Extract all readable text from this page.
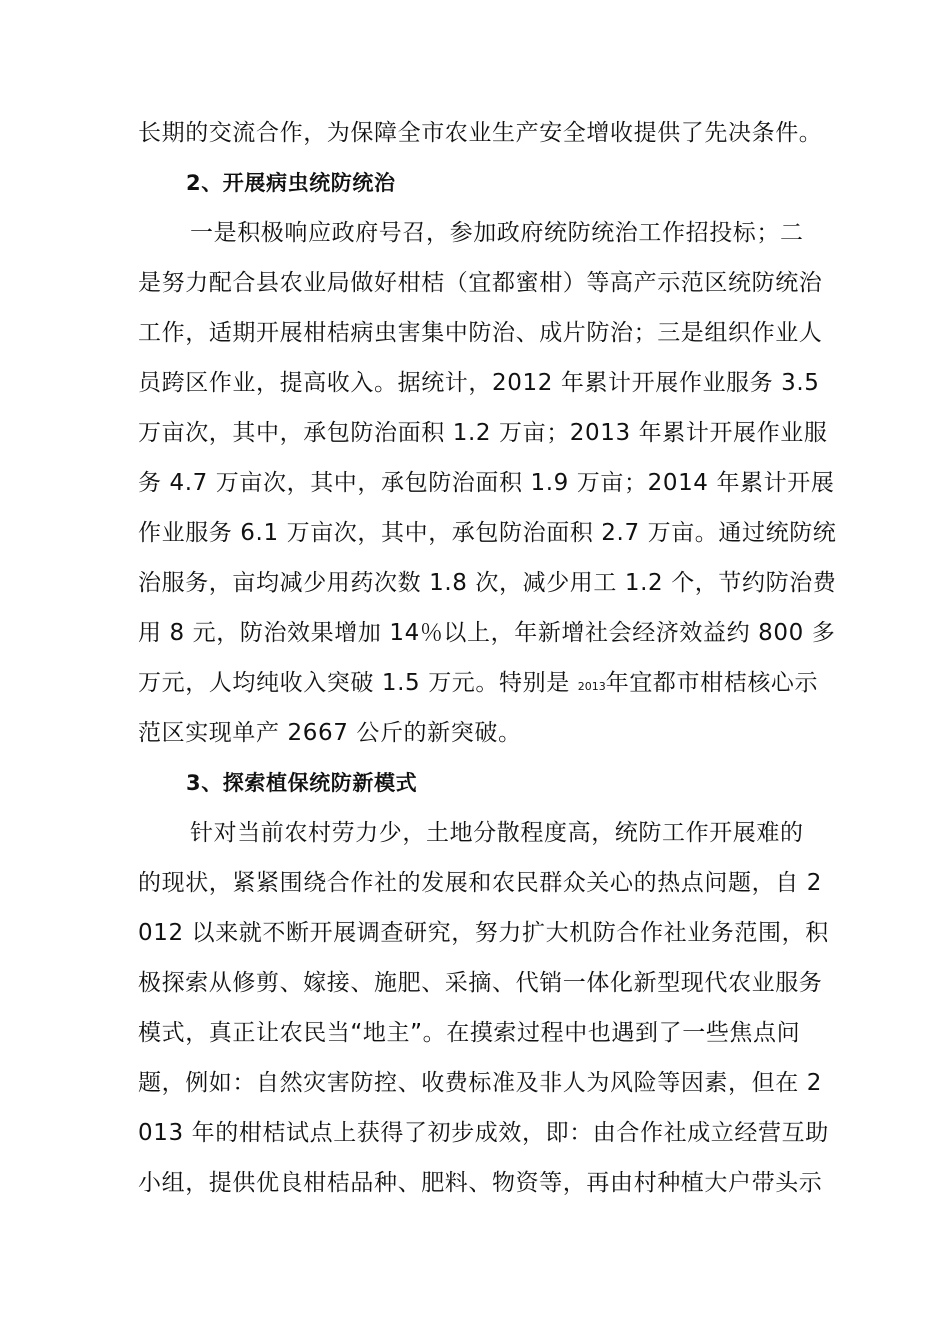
长期的交流合作，为保障全市农业生产安全增收提供了先决条件。
2、开展病虫统防统治
一是积极响应政府号召，参加政府统防统治工作招投标；二
是努力配合县农业局做好柑桔（宜都蜜柑）等高产示范区统防统治
工作，适期开展柑桔病虫害集中防治、成片防治；三是组织作业人
员跨区作业，提高收入。据统计，2012 年累计开展作业服务 3.5
万亩次，其中，承包防治面积 1.2 万亩；2013 年累计开展作业服
务 4.7 万亩次，其中，承包防治面积 1.9 万亩；2014 年累计开展
作业服务 6.1 万亩次，其中，承包防治面积 2.7 万亩。通过统防统
治服务，亩均减少用药次数 1.8 次，减少用工 1.2 个，节约防治费
用 8 元，防治效果增加 14％以上，年新增社会经济效益约 800 多
万元，人均纯收入突破 1.5 万元。特别是 2013年宜都市柑桔核心示
范区实现单产 2667 公斤的新突破。
3、探索植保统防新模式
针对当前农村劳力少，土地分散程度高，统防工作开展难的
的现状，紧紧围绕合作社的发展和农民群众关心的热点问题，自 2
012 以来就不断开展调查研究，努力扩大机防合作社业务范围，积
极探索从修剪、嫁接、施肥、采摘、代销一体化新型现代农业服务
模式，真正让农民当“地主”。在摸索过程中也遇到了一些焦点问
题，例如：自然灾害防控、收费标准及非人为风险等因素，但在 2
013 年的柑桔试点上获得了初步成效，即：由合作社成立经营互助
小组，提供优良柑桔品种、肥料、物资等，再由村种植大户带头示
